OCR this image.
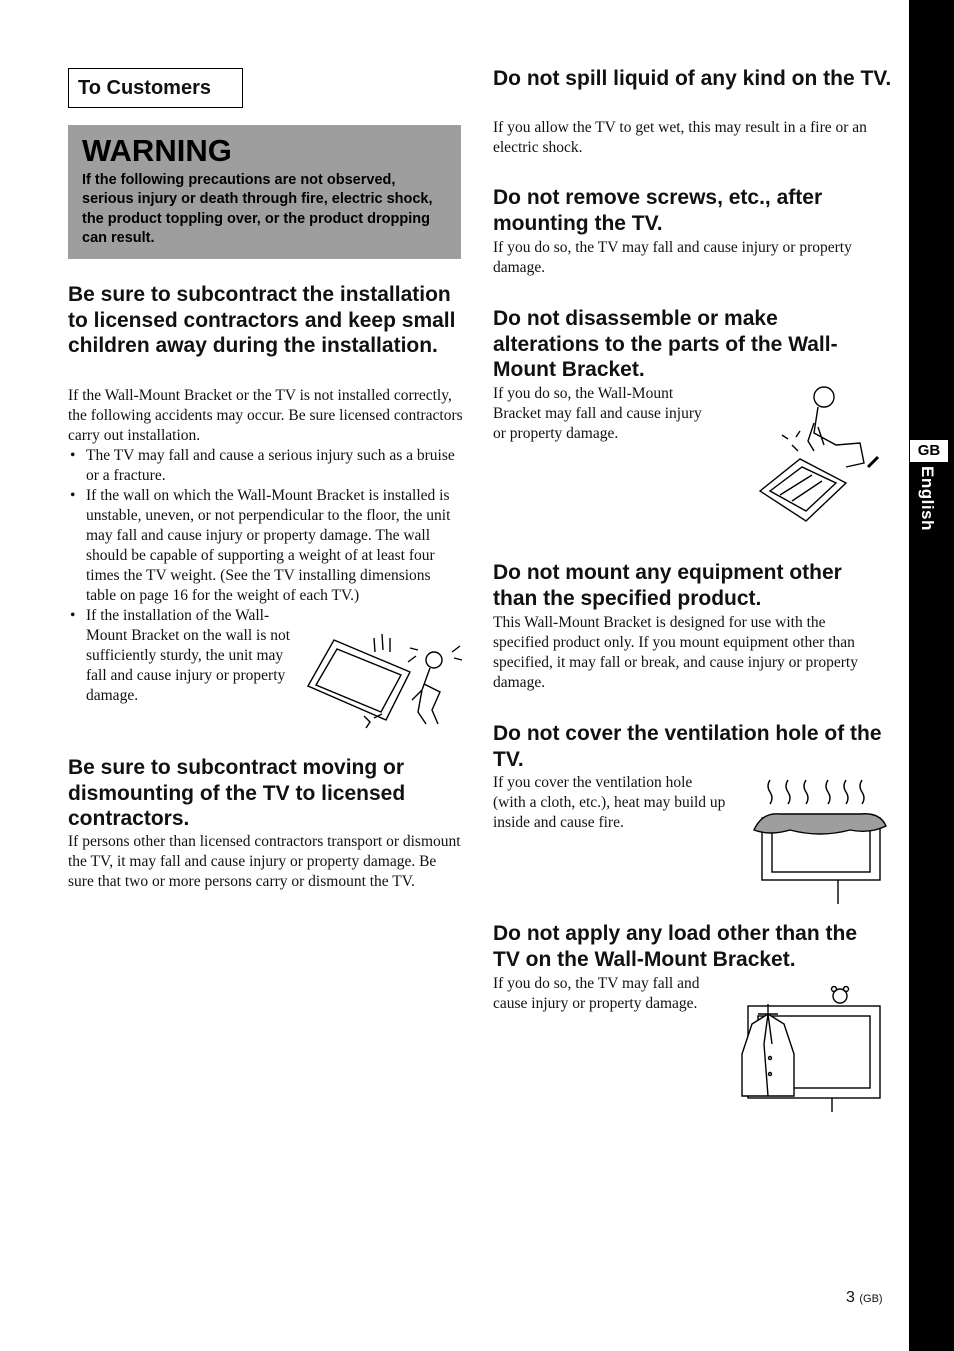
GB
English
To Customers

WARNING

If the following precautions are not observed, serious injury or death through fire, electric shock, the product toppling over, or the product dropping can result.

Be sure to subcontract the installation to licensed contractors and keep small children away during the installation.

If the Wall-Mount Bracket or the TV is not installed correctly, the following accidents may occur. Be sure licensed contractors carry out installation.

• The TV may fall and cause a serious injury such as a bruise or a fracture.
• If the wall on which the Wall-Mount Bracket is installed is unstable, uneven, or not perpendicular to the floor, the unit may fall and cause injury or property damage. The wall should be capable of supporting a weight of at least four times the TV weight. (See the TV installing dimensions table on page 16 for the weight of each TV.)
• If the installation of the Wall-Mount Bracket on the wall is not sufficiently sturdy, the unit may fall and cause injury or property damage.
Be sure to subcontract moving or dismounting of the TV to licensed contractors.

If persons other than licensed contractors transport or dismount the TV, it may fall and cause injury or property damage. Be sure that two or more persons carry or dismount the TV.

Do not spill liquid of any kind on the TV.

If you allow the TV to get wet, this may result in a fire or an electric shock.

Do not remove screws, etc., after mounting the TV.

If you do so, the TV may fall and cause injury or property damage.

Do not disassemble or make alterations to the parts of the Wall-Mount Bracket.

If you do so, the Wall-Mount Bracket may fall and cause injury or property damage.

Do not mount any equipment other than the specified product.

This Wall-Mount Bracket is designed for use with the specified product only. If you mount equipment other than specified, it may fall or break, and cause injury or property damage.

Do not cover the ventilation hole of the TV.

If you cover the ventilation hole (with a cloth, etc.), heat may build up inside and cause fire.

Do not apply any load other than the TV on the Wall-Mount Bracket.

If you do so, the TV may fall and cause injury or property damage.

3 (GB)
